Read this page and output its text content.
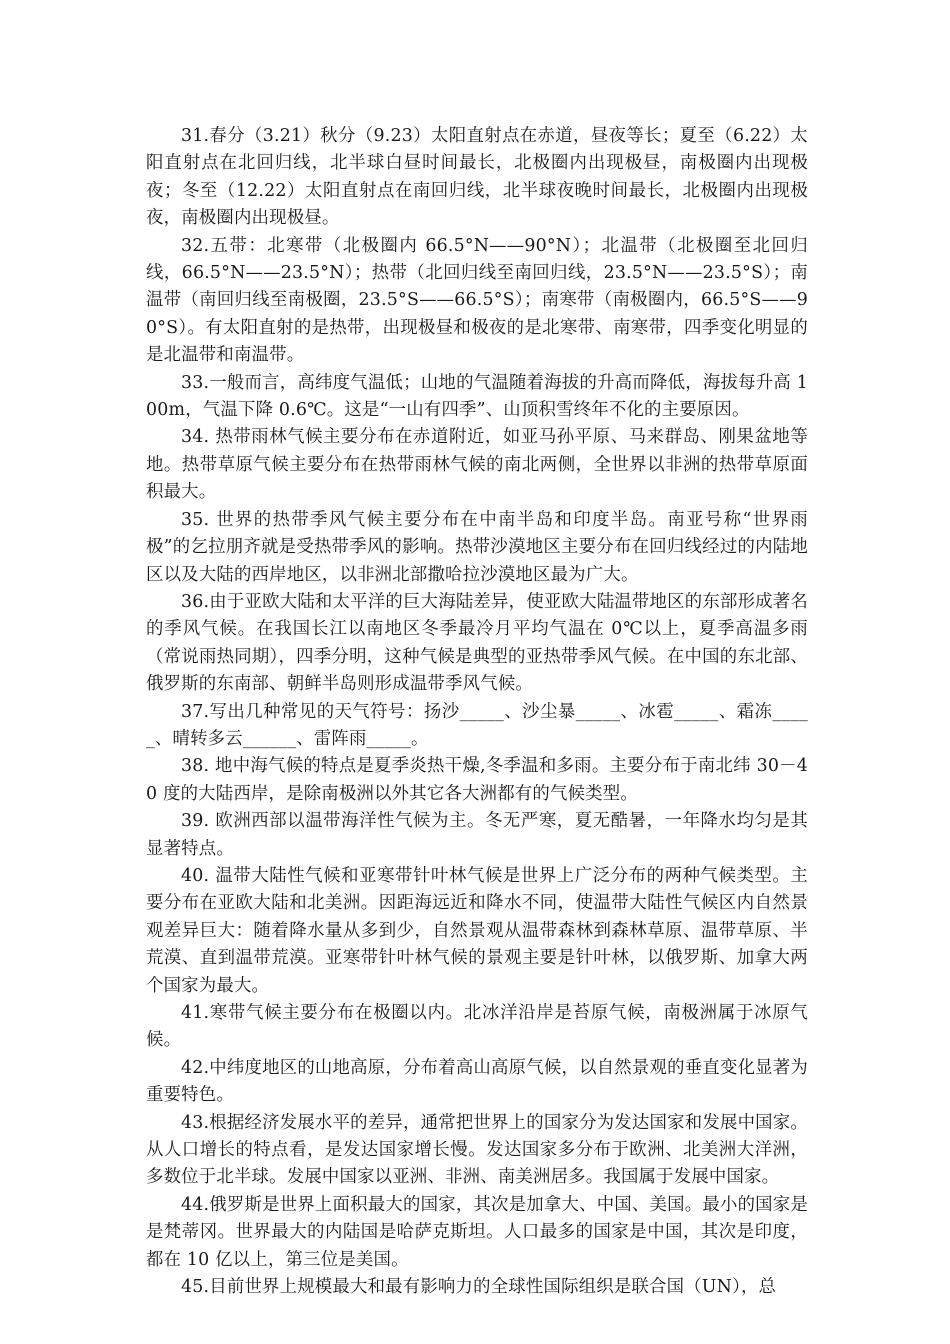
31.春分（3.21）秋分（9.23）太阳直射点在赤道，昼夜等长；夏至（6.22）太阳直射点在北回归线，北半球白昼时间最长，北极圈内出现极昼，南极圈内出现极夜；冬至（12.22）太阳直射点在南回归线，北半球夜晚时间最长，北极圈内出现极夜，南极圈内出现极昼。

32.五带：北寒带（北极圈内 66.5°N——90°N）；北温带（北极圈至北回归线，66.5°N——23.5°N）；热带（北回归线至南回归线，23.5°N——23.5°S）；南温带（南回归线至南极圈，23.5°S——66.5°S）；南寒带（南极圈内，66.5°S——90°S）。有太阳直射的是热带，出现极昼和极夜的是北寒带、南寒带，四季变化明显的是北温带和南温带。

33.一般而言，高纬度气温低；山地的气温随着海拔的升高而降低，海拔每升高 100m，气温下降 0.6℃。这是“一山有四季”、山顶积雪终年不化的主要原因。

34. 热带雨林气候主要分布在赤道附近，如亚马孙平原、马来群岛、刚果盆地等地。热带草原气候主要分布在热带雨林气候的南北两侧，全世界以非洲的热带草原面积最大。

35. 世界的热带季风气候主要分布在中南半岛和印度半岛。南亚号称“世界雨极”的乞拉朋齐就是受热带季风的影响。热带沙漠地区主要分布在回归线经过的内陆地区以及大陆的西岸地区，以非洲北部撒哈拉沙漠地区最为广大。

36.由于亚欧大陆和太平洋的巨大海陆差异，使亚欧大陆温带地区的东部形成著名的季风气候。在我国长江以南地区冬季最冷月平均气温在 0℃以上，夏季高温多雨（常说雨热同期），四季分明，这种气候是典型的亚热带季风气候。在中国的东北部、俄罗斯的东南部、朝鲜半岛则形成温带季风气候。

37.写出几种常见的天气符号：扬沙_____、沙尘暴_____、冰雹_____、霜冻_____、晴转多云______、雷阵雨_____。

38. 地中海气候的特点是夏季炎热干燥,冬季温和多雨。主要分布于南北纬 30－40 度的大陆西岸，是除南极洲以外其它各大洲都有的气候类型。

39. 欧洲西部以温带海洋性气候为主。冬无严寒，夏无酷暑，一年降水均匀是其显著特点。

40. 温带大陆性气候和亚寒带针叶林气候是世界上广泛分布的两种气候类型。主要分布在亚欧大陆和北美洲。因距海远近和降水不同，使温带大陆性气候区内自然景观差异巨大：随着降水量从多到少，自然景观从温带森林到森林草原、温带草原、半荒漠、直到温带荒漠。亚寒带针叶林气候的景观主要是针叶林，以俄罗斯、加拿大两个国家为最大。

41.寒带气候主要分布在极圈以内。北冰洋沿岸是苔原气候，南极洲属于冰原气候。

42.中纬度地区的山地高原，分布着高山高原气候，以自然景观的垂直变化显著为重要特色。

43.根据经济发展水平的差异，通常把世界上的国家分为发达国家和发展中国家。从人口增长的特点看，是发达国家增长慢。发达国家多分布于欧洲、北美洲大洋洲，多数位于北半球。发展中国家以亚洲、非洲、南美洲居多。我国属于发展中国家。

44.俄罗斯是世界上面积最大的国家，其次是加拿大、中国、美国。最小的国家是是梵蒂冈。世界最大的内陆国是哈萨克斯坦。人口最多的国家是中国，其次是印度，都在 10 亿以上，第三位是美国。

45.目前世界上规模最大和最有影响力的全球性国际组织是联合国（UN），总
